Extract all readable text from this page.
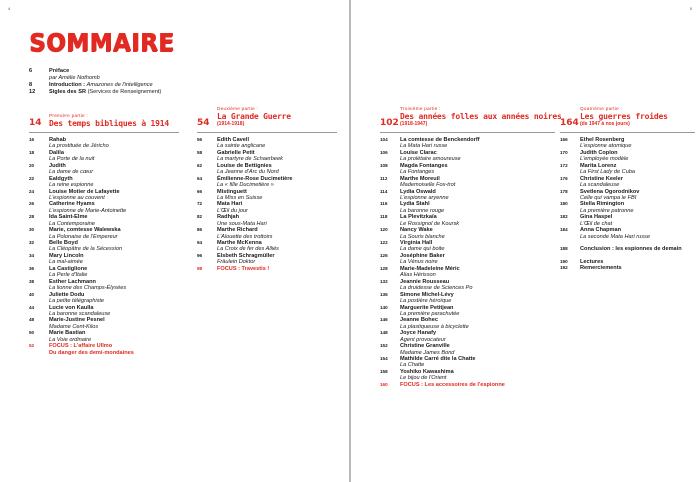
4
SOMMAIRE
6	Préface
par Amélie Nothomb
8	Introduction :
Amazones de l'intelligence
12	Sigles des SR
(Services de Renseignement)
14
Première partie :
Des temps bibliques à 1914
16	Rahab
La prostituée de Jéricho
18	Dalila
La Porte de la nuit
20	Judith
La dame de cœur
22	Ealdgyth
La reine espionne
24	Louise Motier de Lafayette
L'espionne au couvent
26	Catherine Hyams
L'espionne de Marie-Antoinette
28	Ida Saint-Elme
La Contemporaine
30	Marie, comtesse Walewska
La Polonaise de l'Empereur
32	Belle Boyd
La Cléopâtre de la Sécession
34	Mary Lincoln
La mal-aimée
36	La Castiglione
La Perle d'Italie
38	Esther Lachmann
La lionne des Champs-Élysées
40	Juliette Dodu
La petite télégraphiste
44	Lucie von Kaulla
La baronne scandaleuse
48	Marie-Justine Pesnel
Madame Cent-Kilos
50	Marie Bastian
La Voie ordinaire
52	FOCUS : L'affaire Ullmo
Du danger des demi-mondaines
54
Deuxième partie :
La Grande Guerre
(1914-1918)
56	Edith Cavell
La sainte anglicane
58	Gabrielle Petit
La martyre de Schaerbeek
62	Louise de Bettignies
La Jeanne d'Arc du Nord
64	Émilienne-Rose Ducimetière
La « fille Ducimetière »
66	Mistinguett
La Miss en Suisse
72	Mata Hari
L'Œil du jour
82	Radhjah
Une sous-Mata Hari
86	Marthe Richard
L'Alouette des trottoirs
94	Marthe McKenna
La Croix de fer des Alliés
96	Elsbeth Schragmüller
Fräulein Doktor
98	FOCUS : Travestis !
5
102
Troisième partie :
Des années folles aux années noires
(1918-1947)
104	La comtesse de Benckendorff
La Mata Hari russe
106	Louise Clarac
La prolétaire amoureuse
108	Magda Fontanges
La Fontanges
112	Marthe Moreuil
Mademoiselle Fox-trot
114	Lydia Oswald
L'espionne aryenne
116	Lydia Stahl
La baronne rouge
118	La Plevitzkaïa
Le Rossignol de Koursk
120	Nancy Wake
La Souris blanche
122	Virginia Hall
La dame qui boite
126	Joséphine Baker
La Vénus noire
128	Marie-Madeleine Méric
Alias Hérisson
132	Jeannie Rousseau
La druidesse de Sciences Po
136	Simone Michel-Lévy
La postière héroïque
140	Marguerite Petitjean
La première parachutée
146	Jeanne Bohec
La plastiqueuse à bicyclette
148	Joyce Hanafy
Agent provocateur
152	Christine Granville
Madame James Bond
154	Mathilde Carré dite la Chatte
La Chatte
158	Yoshiko Kawashima
Le bijou de l'Orient
160	FOCUS : Les accessoires de l'espionne
164
Quatrième partie :
Les guerres froides
(de 1947 à nos jours)
166	Ethel Rosenberg
L'espionne atomique
170	Judith Coplon
L'employée modèle
172	Marita Lorenz
La First Lady de Cuba
176	Christine Keeler
La scandaleuse
178	Svetlena Ogorodnikov
Celle qui vampa le FBI
180	Stella Rimington
La première patronne
182	Gina Haspel
L'Œil de chat
184	Anna Chapman
La seconde Mata Hari russe
188	Conclusion : les espionnes de demain
190	Lectures
192	Remerciements
